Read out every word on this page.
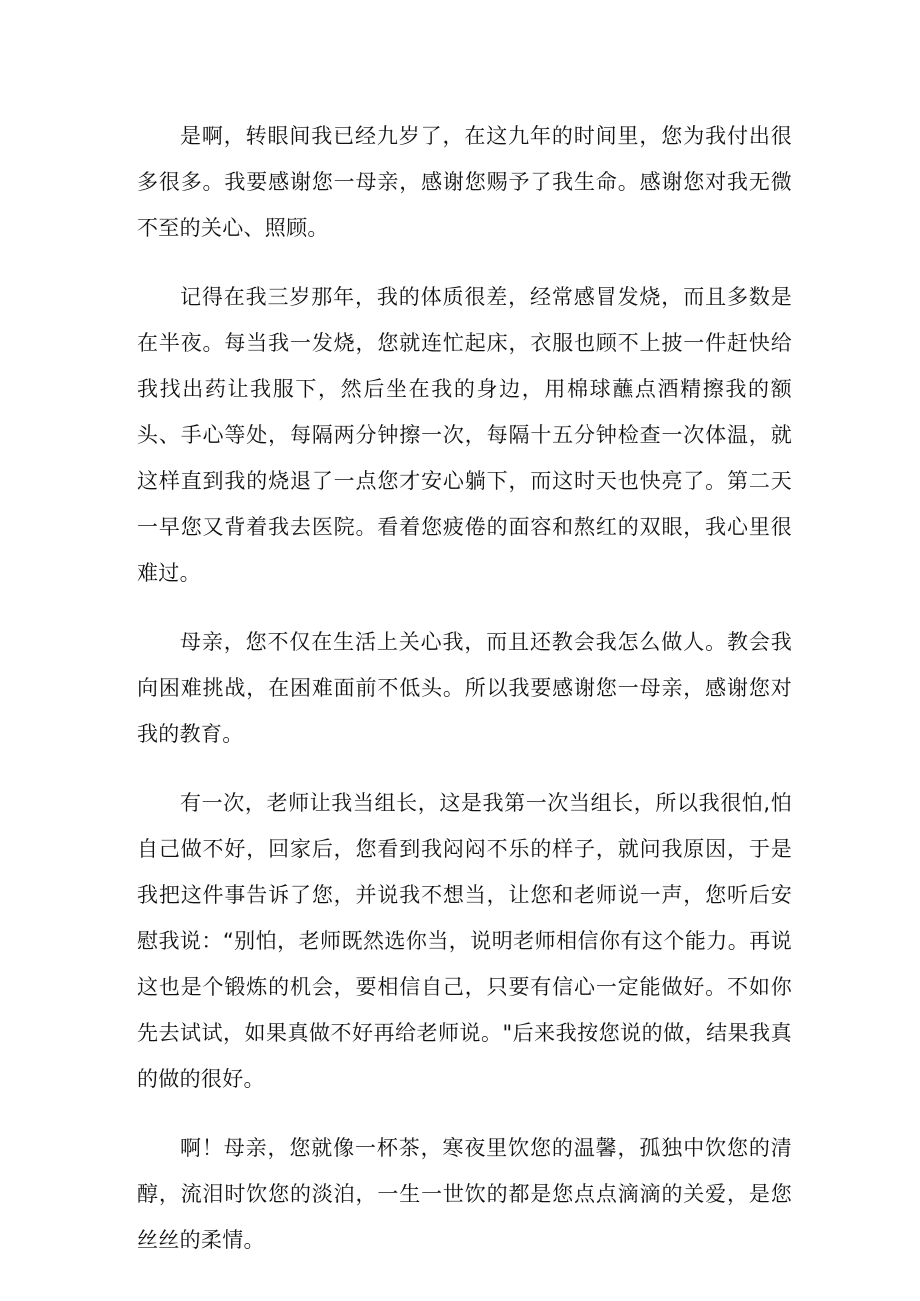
是啊，转眼间我已经九岁了，在这九年的时间里，您为我付出很多很多。我要感谢您一母亲，感谢您赐予了我生命。感谢您对我无微不至的关心、照顾。

记得在我三岁那年，我的体质很差，经常感冒发烧，而且多数是在半夜。每当我一发烧，您就连忙起床，衣服也顾不上披一件赶快给我找出药让我服下，然后坐在我的身边，用棉球蘸点酒精擦我的额头、手心等处，每隔两分钟擦一次，每隔十五分钟检查一次体温，就这样直到我的烧退了一点您才安心躺下，而这时天也快亮了。第二天一早您又背着我去医院。看着您疲倦的面容和熬红的双眼，我心里很难过。

母亲，您不仅在生活上关心我，而且还教会我怎么做人。教会我向困难挑战，在困难面前不低头。所以我要感谢您一母亲，感谢您对我的教育。

有一次，老师让我当组长，这是我第一次当组长，所以我很怕,怕自己做不好，回家后，您看到我闷闷不乐的样子，就问我原因，于是我把这件事告诉了您，并说我不想当，让您和老师说一声，您听后安慰我说：“别怕，老师既然选你当，说明老师相信你有这个能力。再说这也是个锻炼的机会，要相信自己，只要有信心一定能做好。不如你先去试试，如果真做不好再给老师说。"后来我按您说的做，结果我真的做的很好。

啊！母亲，您就像一杯茶，寒夜里饮您的温馨，孤独中饮您的清醇，流泪时饮您的淡泊，一生一世饮的都是您点点滴滴的关爱，是您丝丝的柔情。
